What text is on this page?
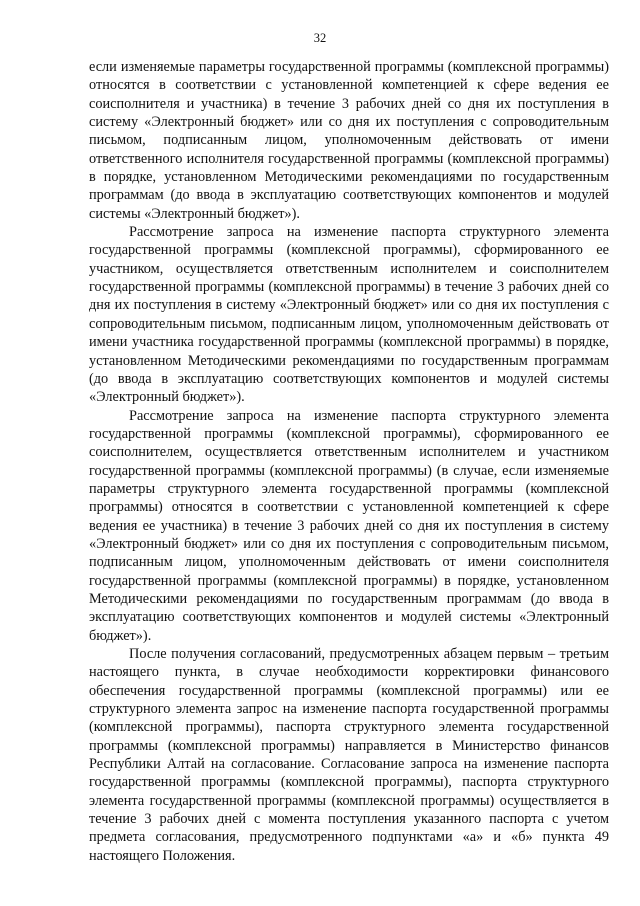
32

если изменяемые параметры государственной программы (комплексной программы) относятся в соответствии с установленной компетенцией к сфере ведения ее соисполнителя и участника) в течение 3 рабочих дней со дня их поступления в систему «Электронный бюджет» или со дня их поступления с сопроводительным письмом, подписанным лицом, уполномоченным действовать от имени ответственного исполнителя государственной программы (комплексной программы) в порядке, установленном Методическими рекомендациями по государственным программам (до ввода в эксплуатацию соответствующих компонентов и модулей системы «Электронный бюджет»).

Рассмотрение запроса на изменение паспорта структурного элемента государственной программы (комплексной программы), сформированного ее участником, осуществляется ответственным исполнителем и соисполнителем государственной программы (комплексной программы) в течение 3 рабочих дней со дня их поступления в систему «Электронный бюджет» или со дня их поступления с сопроводительным письмом, подписанным лицом, уполномоченным действовать от имени участника государственной программы (комплексной программы) в порядке, установленном Методическими рекомендациями по государственным программам (до ввода в эксплуатацию соответствующих компонентов и модулей системы «Электронный бюджет»).

Рассмотрение запроса на изменение паспорта структурного элемента государственной программы (комплексной программы), сформированного ее соисполнителем, осуществляется ответственным исполнителем и участником государственной программы (комплексной программы) (в случае, если изменяемые параметры структурного элемента государственной программы (комплексной программы) относятся в соответствии с установленной компетенцией к сфере ведения ее участника) в течение 3 рабочих дней со дня их поступления в систему «Электронный бюджет» или со дня их поступления с сопроводительным письмом, подписанным лицом, уполномоченным действовать от имени соисполнителя государственной программы (комплексной программы) в порядке, установленном Методическими рекомендациями по государственным программам (до ввода в эксплуатацию соответствующих компонентов и модулей системы «Электронный бюджет»).

После получения согласований, предусмотренных абзацем первым – третьим настоящего пункта, в случае необходимости корректировки финансового обеспечения государственной программы (комплексной программы) или ее структурного элемента запрос на изменение паспорта государственной программы (комплексной программы), паспорта структурного элемента государственной программы (комплексной программы) направляется в Министерство финансов Республики Алтай на согласование. Согласование запроса на изменение паспорта государственной программы (комплексной программы), паспорта структурного элемента государственной программы (комплексной программы) осуществляется в течение 3 рабочих дней с момента поступления указанного паспорта с учетом предмета согласования, предусмотренного подпунктами «а» и «б» пункта 49 настоящего Положения.
